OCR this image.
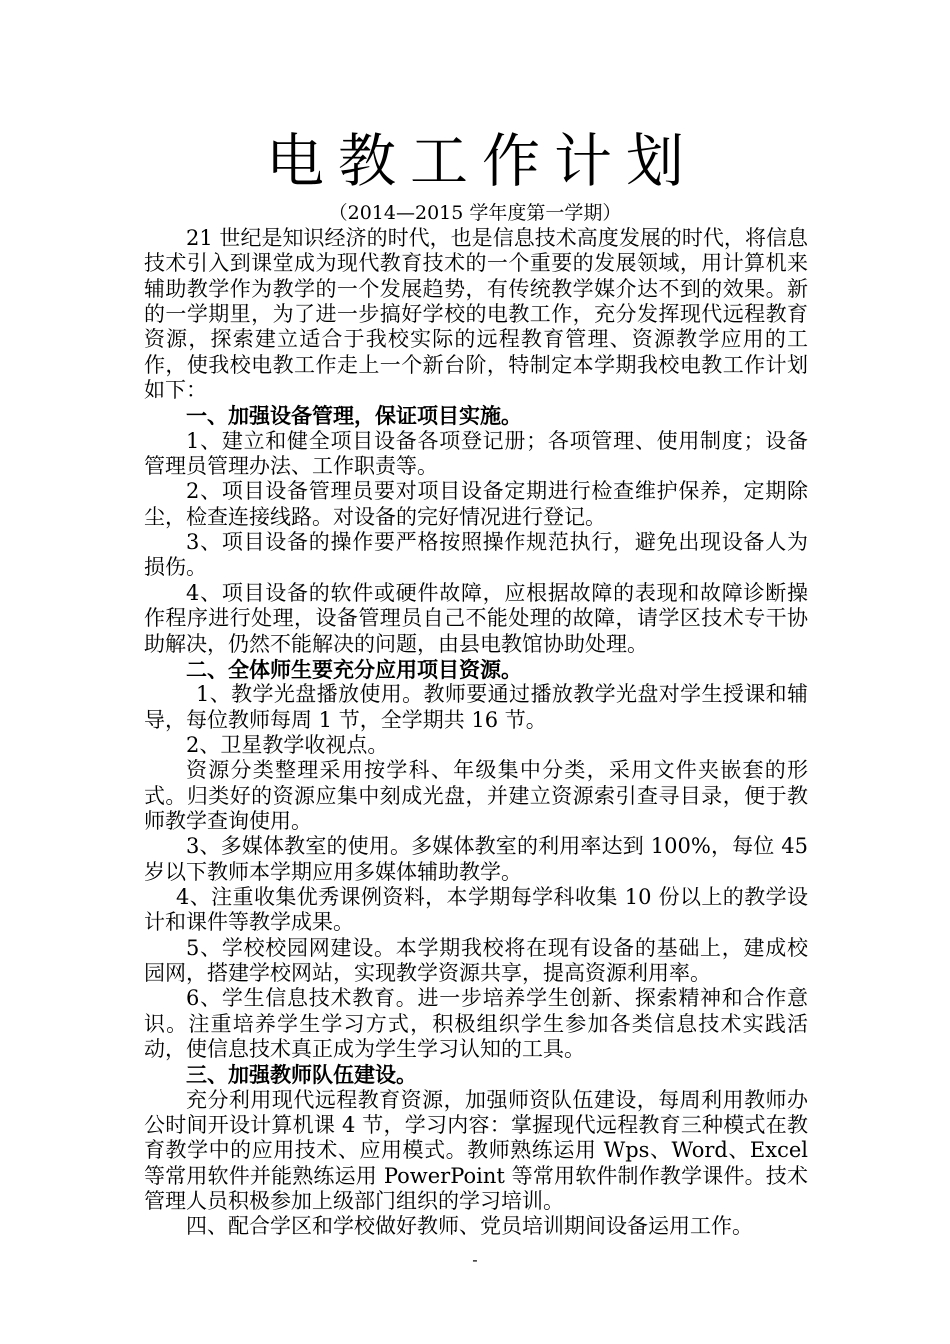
电教工作计划
（2014—2015 学年度第一学期）

21 世纪是知识经济的时代，也是信息技术高度发展的时代，将信息技术引入到课堂成为现代教育技术的一个重要的发展领域，用计算机来辅助教学作为教学的一个发展趋势，有传统教学媒介达不到的效果。新的一学期里，为了进一步搞好学校的电教工作，充分发挥现代远程教育资源，探索建立适合于我校实际的远程教育管理、资源教学应用的工作，使我校电教工作走上一个新台阶，特制定本学期我校电教工作计划如下：

一、加强设备管理，保证项目实施。

1、建立和健全项目设备各项登记册；各项管理、使用制度；设备管理员管理办法、工作职责等。

2、项目设备管理员要对项目设备定期进行检查维护保养，定期除尘，检查连接线路。对设备的完好情况进行登记。

3、项目设备的操作要严格按照操作规范执行，避免出现设备人为损伤。

4、项目设备的软件或硬件故障，应根据故障的表现和故障诊断操作程序进行处理，设备管理员自己不能处理的故障，请学区技术专干协助解决，仍然不能解决的问题，由县电教馆协助处理。

二、全体师生要充分应用项目资源。

1、教学光盘播放使用。教师要通过播放教学光盘对学生授课和辅导，每位教师每周 1 节，全学期共 16 节。

2、卫星教学收视点。

资源分类整理采用按学科、年级集中分类，采用文件夹嵌套的形式。归类好的资源应集中刻成光盘，并建立资源索引查寻目录，便于教师教学查询使用。

3、多媒体教室的使用。多媒体教室的利用率达到 100%，每位 45 岁以下教师本学期应用多媒体辅助教学。

4、注重收集优秀课例资料，本学期每学科收集 10 份以上的教学设计和课件等教学成果。

5、学校校园网建设。本学期我校将在现有设备的基础上，建成校园网，搭建学校网站，实现教学资源共享，提高资源利用率。

6、学生信息技术教育。进一步培养学生创新、探索精神和合作意识。注重培养学生学习方式，积极组织学生参加各类信息技术实践活动，使信息技术真正成为学生学习认知的工具。

三、加强教师队伍建设。

充分利用现代远程教育资源，加强师资队伍建设，每周利用教师办公时间开设计算机课 4 节，学习内容：掌握现代远程教育三种模式在教育教学中的应用技术、应用模式。教师熟练运用 Wps、Word、Excel 等常用软件并能熟练运用 PowerPoint 等常用软件制作教学课件。技术管理人员积极参加上级部门组织的学习培训。

四、配合学区和学校做好教师、党员培训期间设备运用工作。

-
